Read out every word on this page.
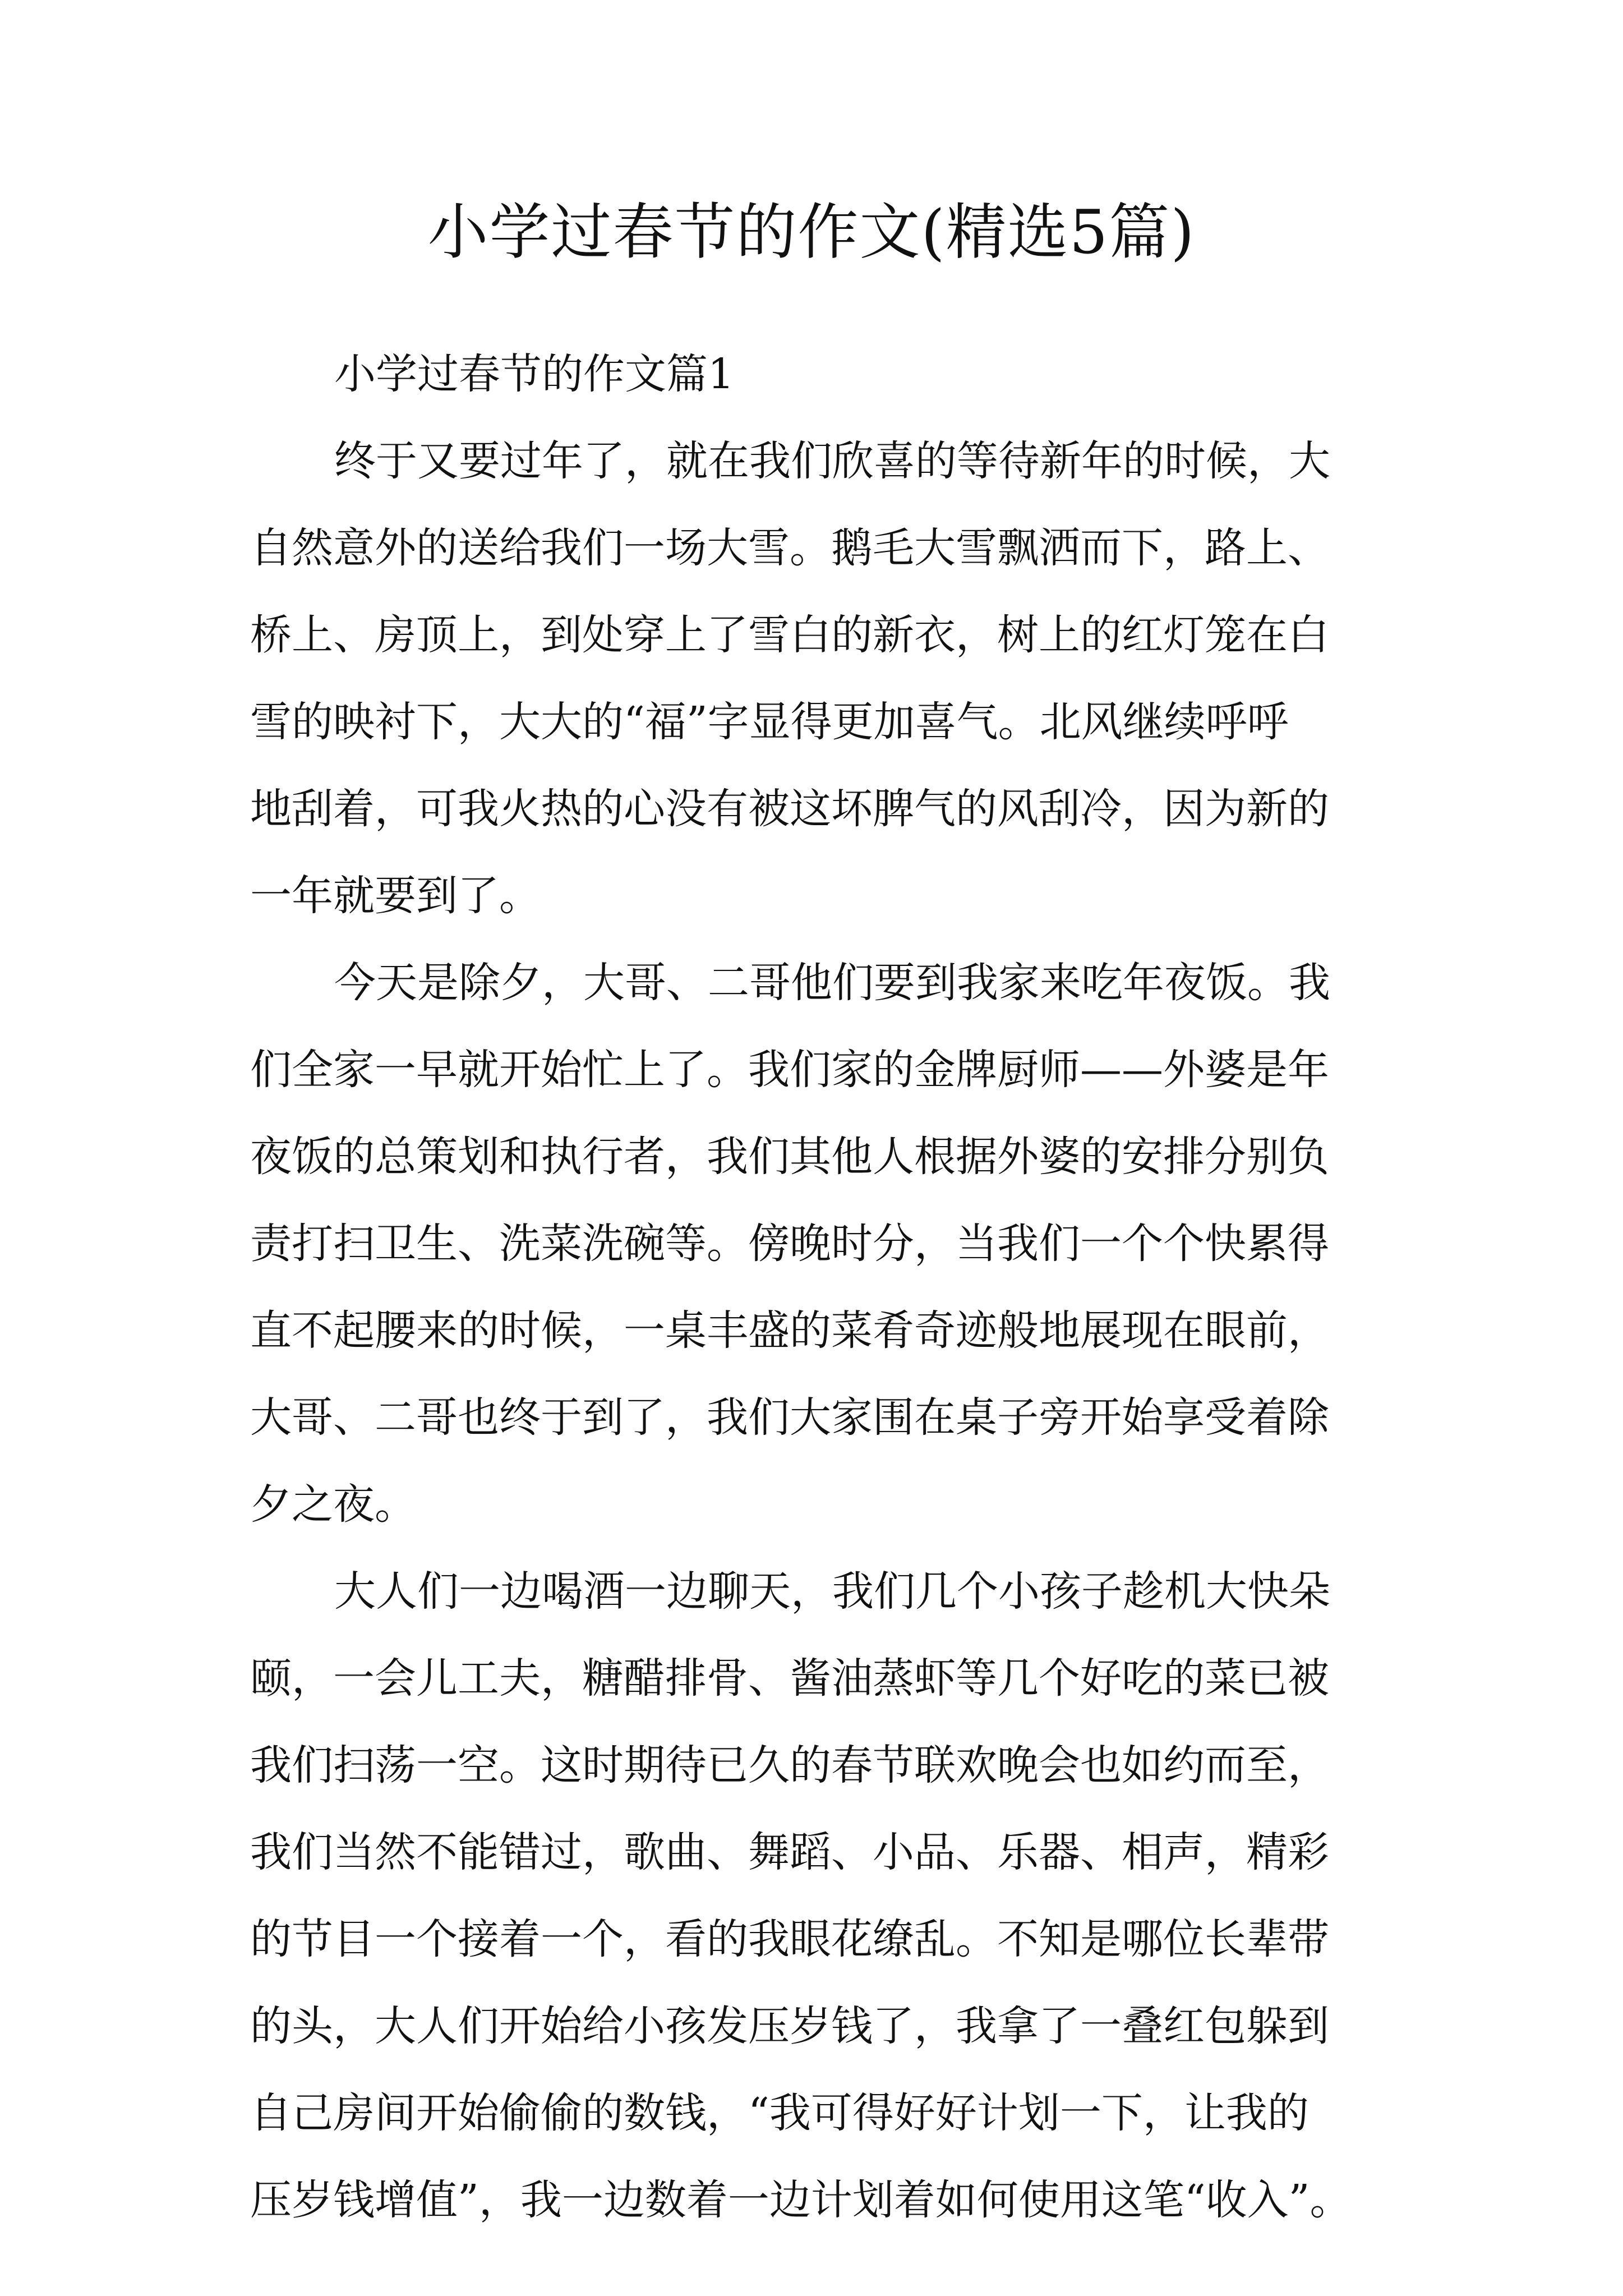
小学过春节的作文(精选5篇)
小学过春节的作文篇1
终于又要过年了，就在我们欣喜的等待新年的时候，大
自然意外的送给我们一场大雪。鹅毛大雪飘洒而下，路上、
桥上、房顶上，到处穿上了雪白的新衣，树上的红灯笼在白
雪的映衬下，大大的“福”字显得更加喜气。北风继续呼呼
地刮着，可我火热的心没有被这坏脾气的风刮冷，因为新的
一年就要到了。
今天是除夕，大哥、二哥他们要到我家来吃年夜饭。我
们全家一早就开始忙上了。我们家的金牌厨师——外婆是年
夜饭的总策划和执行者，我们其他人根据外婆的安排分别负
责打扫卫生、洗菜洗碗等。傍晚时分，当我们一个个快累得
直不起腰来的时候，一桌丰盛的菜肴奇迹般地展现在眼前，
大哥、二哥也终于到了，我们大家围在桌子旁开始享受着除
夕之夜。
大人们一边喝酒一边聊天，我们几个小孩子趁机大快朵
颐，一会儿工夫，糖醋排骨、酱油蒸虾等几个好吃的菜已被
我们扫荡一空。这时期待已久的春节联欢晚会也如约而至，
我们当然不能错过，歌曲、舞蹈、小品、乐器、相声，精彩
的节目一个接着一个，看的我眼花缭乱。不知是哪位长辈带
的头，大人们开始给小孩发压岁钱了，我拿了一叠红包躲到
自己房间开始偷偷的数钱，“我可得好好计划一下，让我的
压岁钱增值”，我一边数着一边计划着如何使用这笔“收入”。
